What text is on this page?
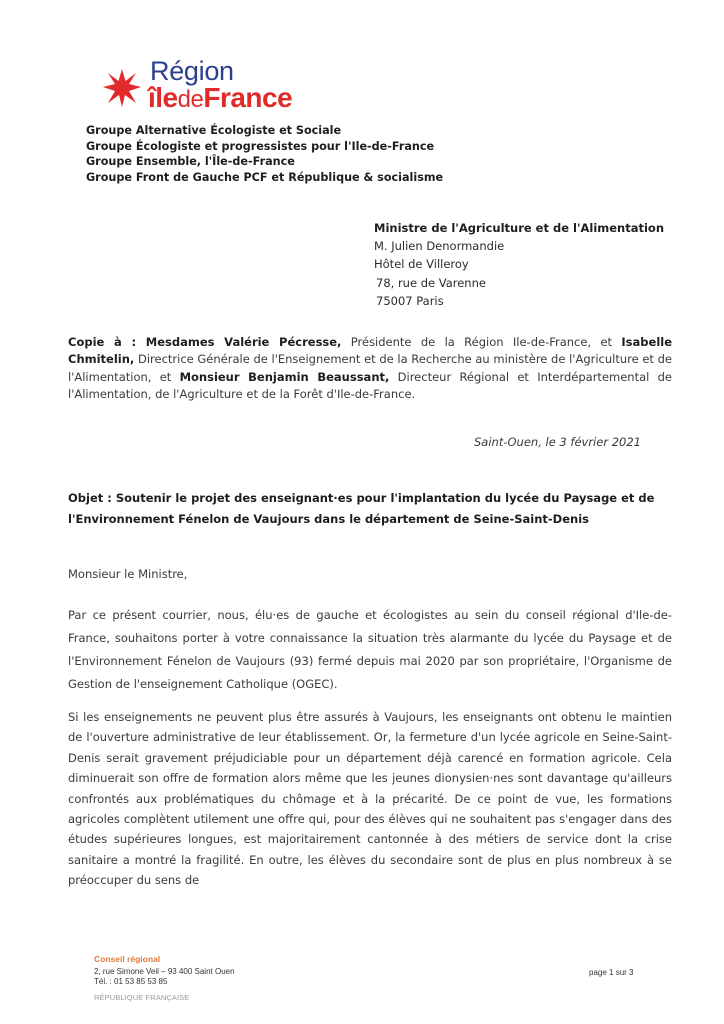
Région
îledeFrance
Groupe Alternative Écologiste et Sociale
Groupe Écologiste et progressistes pour l'Ile-de-France
Groupe Ensemble, l'Île-de-France
Groupe Front de Gauche PCF et République & socialisme
Ministre de l'Agriculture et de l'Alimentation
M. Julien Denormandie
Hôtel de Villeroy
78, rue de Varenne
75007 Paris
Copie à : Mesdames Valérie Pécresse, Présidente de la Région Ile-de-France, et Isabelle Chmitelin, Directrice Générale de l'Enseignement et de la Recherche au ministère de l'Agriculture et de l'Alimentation, et Monsieur Benjamin Beaussant, Directeur Régional et Interdépartemental de l'Alimentation, de l'Agriculture et de la Forêt d'Ile-de-France.
Saint-Ouen, le 3 février 2021
Objet : Soutenir le projet des enseignant·es pour l'implantation du lycée du Paysage et de l'Environnement Fénelon de Vaujours dans le département de Seine-Saint-Denis
Monsieur le Ministre,
Par ce présent courrier, nous, élu·es de gauche et écologistes au sein du conseil régional d'Ile-de-France, souhaitons porter à votre connaissance la situation très alarmante du lycée du Paysage et de l'Environnement Fénelon de Vaujours (93) fermé depuis mai 2020 par son propriétaire, l'Organisme de Gestion de l'enseignement Catholique (OGEC).
Si les enseignements ne peuvent plus être assurés à Vaujours, les enseignants ont obtenu le maintien de l'ouverture administrative de leur établissement. Or, la fermeture d'un lycée agricole en Seine-Saint-Denis serait gravement préjudiciable pour un département déjà carencé en formation agricole. Cela diminuerait son offre de formation alors même que les jeunes dionysien·nes sont davantage qu'ailleurs confrontés aux problématiques du chômage et à la précarité. De ce point de vue, les formations agricoles complètent utilement une offre qui, pour des élèves qui ne souhaitent pas s'engager dans des études supérieures longues, est majoritairement cantonnée à des métiers de service dont la crise sanitaire a montré la fragilité. En outre, les élèves du secondaire sont de plus en plus nombreux à se préoccuper du sens de
Conseil régional
2, rue Simone Veil – 93 400 Saint Ouen
Tél. : 01 53 85 53 85
RÉPUBLIQUE FRANÇAISE
page 1 sur 3
